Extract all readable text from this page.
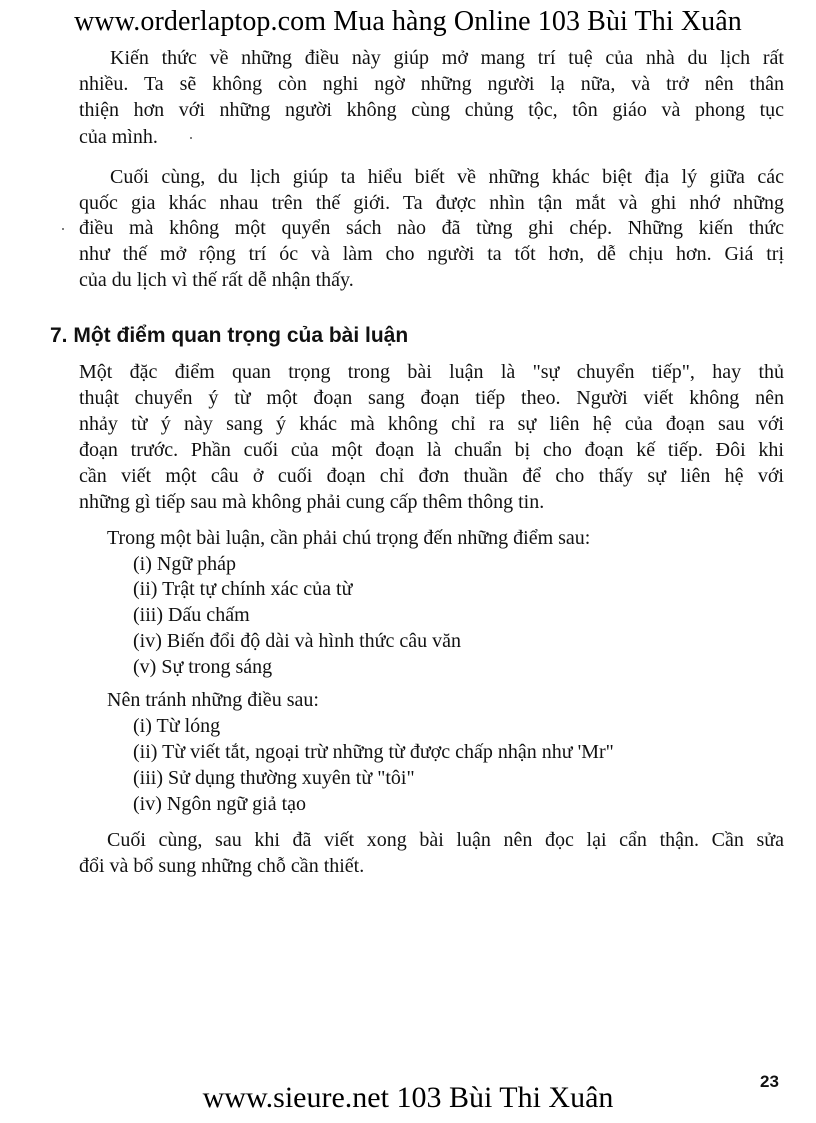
www.orderlaptop.com Mua hàng Online 103 Bùi Thi Xuân
Kiến thức về những điều này giúp mở mang trí tuệ của nhà du lịch rất
nhiều. Ta sẽ không còn nghi ngờ những người lạ nữa, và trở nên thân
thiện hơn với những người không cùng chủng tộc, tôn giáo và phong tục
của mình.
Cuối cùng, du lịch giúp ta hiểu biết về những khác biệt địa lý giữa các
quốc gia khác nhau trên thế giới. Ta được nhìn tận mắt và ghi nhớ những
điều mà không một quyển sách nào đã từng ghi chép. Những kiến thức
như thế mở rộng trí óc và làm cho người ta tốt hơn, dễ chịu hơn. Giá trị
của du lịch vì thế rất dễ nhận thấy.
7. Một điểm quan trọng của bài luận
Một đặc điểm quan trọng trong bài luận là "sự chuyển tiếp", hay thủ
thuật chuyển ý từ một đoạn sang đoạn tiếp theo. Người viết không nên
nhảy từ ý này sang ý khác mà không chỉ ra sự liên hệ của đoạn sau với
đoạn trước. Phần cuối của một đoạn là chuẩn bị cho đoạn kế tiếp. Đôi khi
cần viết một câu ở cuối đoạn chỉ đơn thuần để cho thấy sự liên hệ với
những gì tiếp sau mà không phải cung cấp thêm thông tin.
Trong một bài luận, cần phải chú trọng đến những điểm sau:
(i) Ngữ pháp
(ii) Trật tự chính xác của từ
(iii) Dấu chấm
(iv) Biến đổi độ dài và hình thức câu văn
(v) Sự trong sáng
Nên tránh những điều sau:
(i) Từ lóng
(ii) Từ viết tắt, ngoại trừ những từ được chấp nhận như 'Mr"
(iii) Sử dụng thường xuyên từ "tôi"
(iv) Ngôn ngữ giả tạo
Cuối cùng, sau khi đã viết xong bài luận nên đọc lại cẩn thận. Cần sửa
đổi và bổ sung những chỗ cần thiết.
23
www.sieure.net 103 Bùi Thi Xuân
